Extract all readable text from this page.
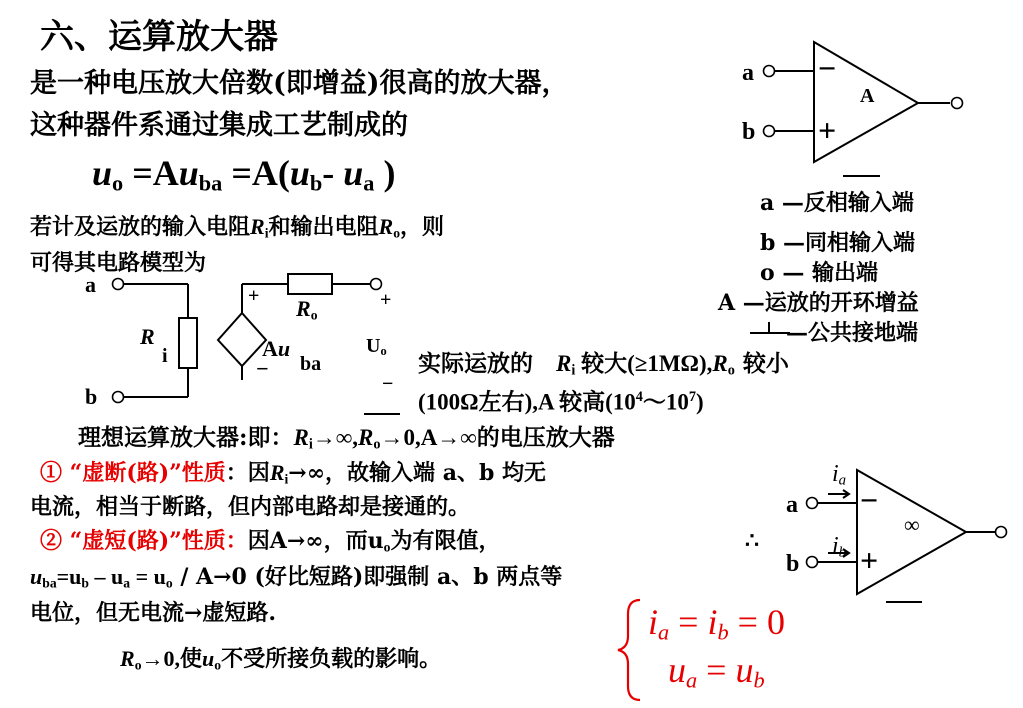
六、运算放大器
是一种电压放大倍数(即增益)很高的放大器，
这种器件系通过集成工艺制成的
$u_o =Au_{ba} =A(u_b-$ $u_a$ )
a
b
A
−
+
a —反相输入端
b —同相输入端
o — 输出端
A —运放的开环增益
—公共接地端
若计及运放的输入电阻$R_i$和输出电阻$R_o$，则
可得其电路模型为
a
b
R
i
$R_o$
+
−
Au
ba
+
$U_o$
−
实际运放的　$R_i$ 较大$(\ge 1M\Omega),R_o$ 较小
(100Ω左右),A 较高$(10^4\sim 10^7)$
理想运算放大器:即：$R_i\to\infty,R_o\to 0,A\to\infty$的电压放大器
① “虚断(路)”性质：因$R_i\to\infty$，故输入端 a、b 均无
电流，相当于断路，但内部电路却是接通的。
② “虚短(路)”性质：因A→∞，而$u_o$为有限值，	∴
$u_{ba}=u_b - u_a = u_o / A\to 0$ (好比短路)即强制 a、b 两点等
电位，但无电流→虚短路.
$R_o\to 0$,使$u_o$不受所接负载的影响。
$i_a$
$i_b$
a
b
∞
−
+
$i_a = i_b = 0$
$u_a = u_b$
